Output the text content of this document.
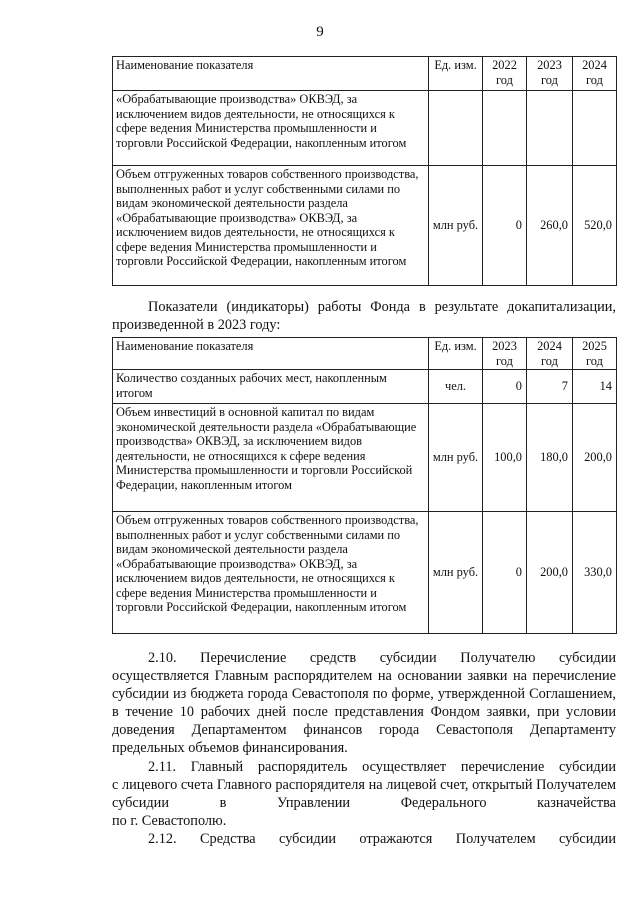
9
Наименование показателя	Ед. изм.	2022 год	2023 год	2024 год
«Обрабатывающие производства» ОКВЭД, за исключением видов деятельности, не относящихся к сфере ведения Министерства промышленности и торговли Российской Федерации, накопленным итогом				
Объем отгруженных товаров собственного производства, выполненных работ и услуг собственными силами по видам экономической деятельности раздела «Обрабатывающие производства» ОКВЭД, за исключением видов деятельности, не относящихся к сфере ведения Министерства промышленности и торговли Российской Федерации, накопленным итогом	млн руб.	0	260,0	520,0
Показатели (индикаторы) работы Фонда в результате докапитализации,
произведенной в 2023 году:
Наименование показателя	Ед. изм.	2023 год	2024 год	2025 год
Количество созданных рабочих мест, накопленным итогом	чел.	0	7	14
Объем инвестиций в основной капитал по видам экономической деятельности раздела «Обрабатывающие производства» ОКВЭД, за исключением видов деятельности, не относящихся к сфере ведения Министерства промышленности и торговли Российской Федерации, накопленным итогом	млн руб.	100,0	180,0	200,0
Объем отгруженных товаров собственного производства, выполненных работ и услуг собственными силами по видам экономической деятельности раздела «Обрабатывающие производства» ОКВЭД, за исключением видов деятельности, не относящихся к сфере ведения Министерства промышленности и торговли Российской Федерации, накопленным итогом	млн руб.	0	200,0	330,0
2.10. Перечисление средств субсидии Получателю субсидии
осуществляется Главным распорядителем на основании заявки на перечисление
субсидии из бюджета города Севастополя по форме, утвержденной Соглашением,
в течение 10 рабочих дней после представления Фондом заявки, при условии
доведения Департаментом финансов города Севастополя Департаменту
предельных объемов финансирования.
2.11. Главный распорядитель осуществляет перечисление субсидии
с лицевого счета Главного распорядителя на лицевой счет, открытый Получателем
субсидии в Управлении Федерального казначейства
по г. Севастополю.
2.12. Средства субсидии отражаются Получателем субсидии
